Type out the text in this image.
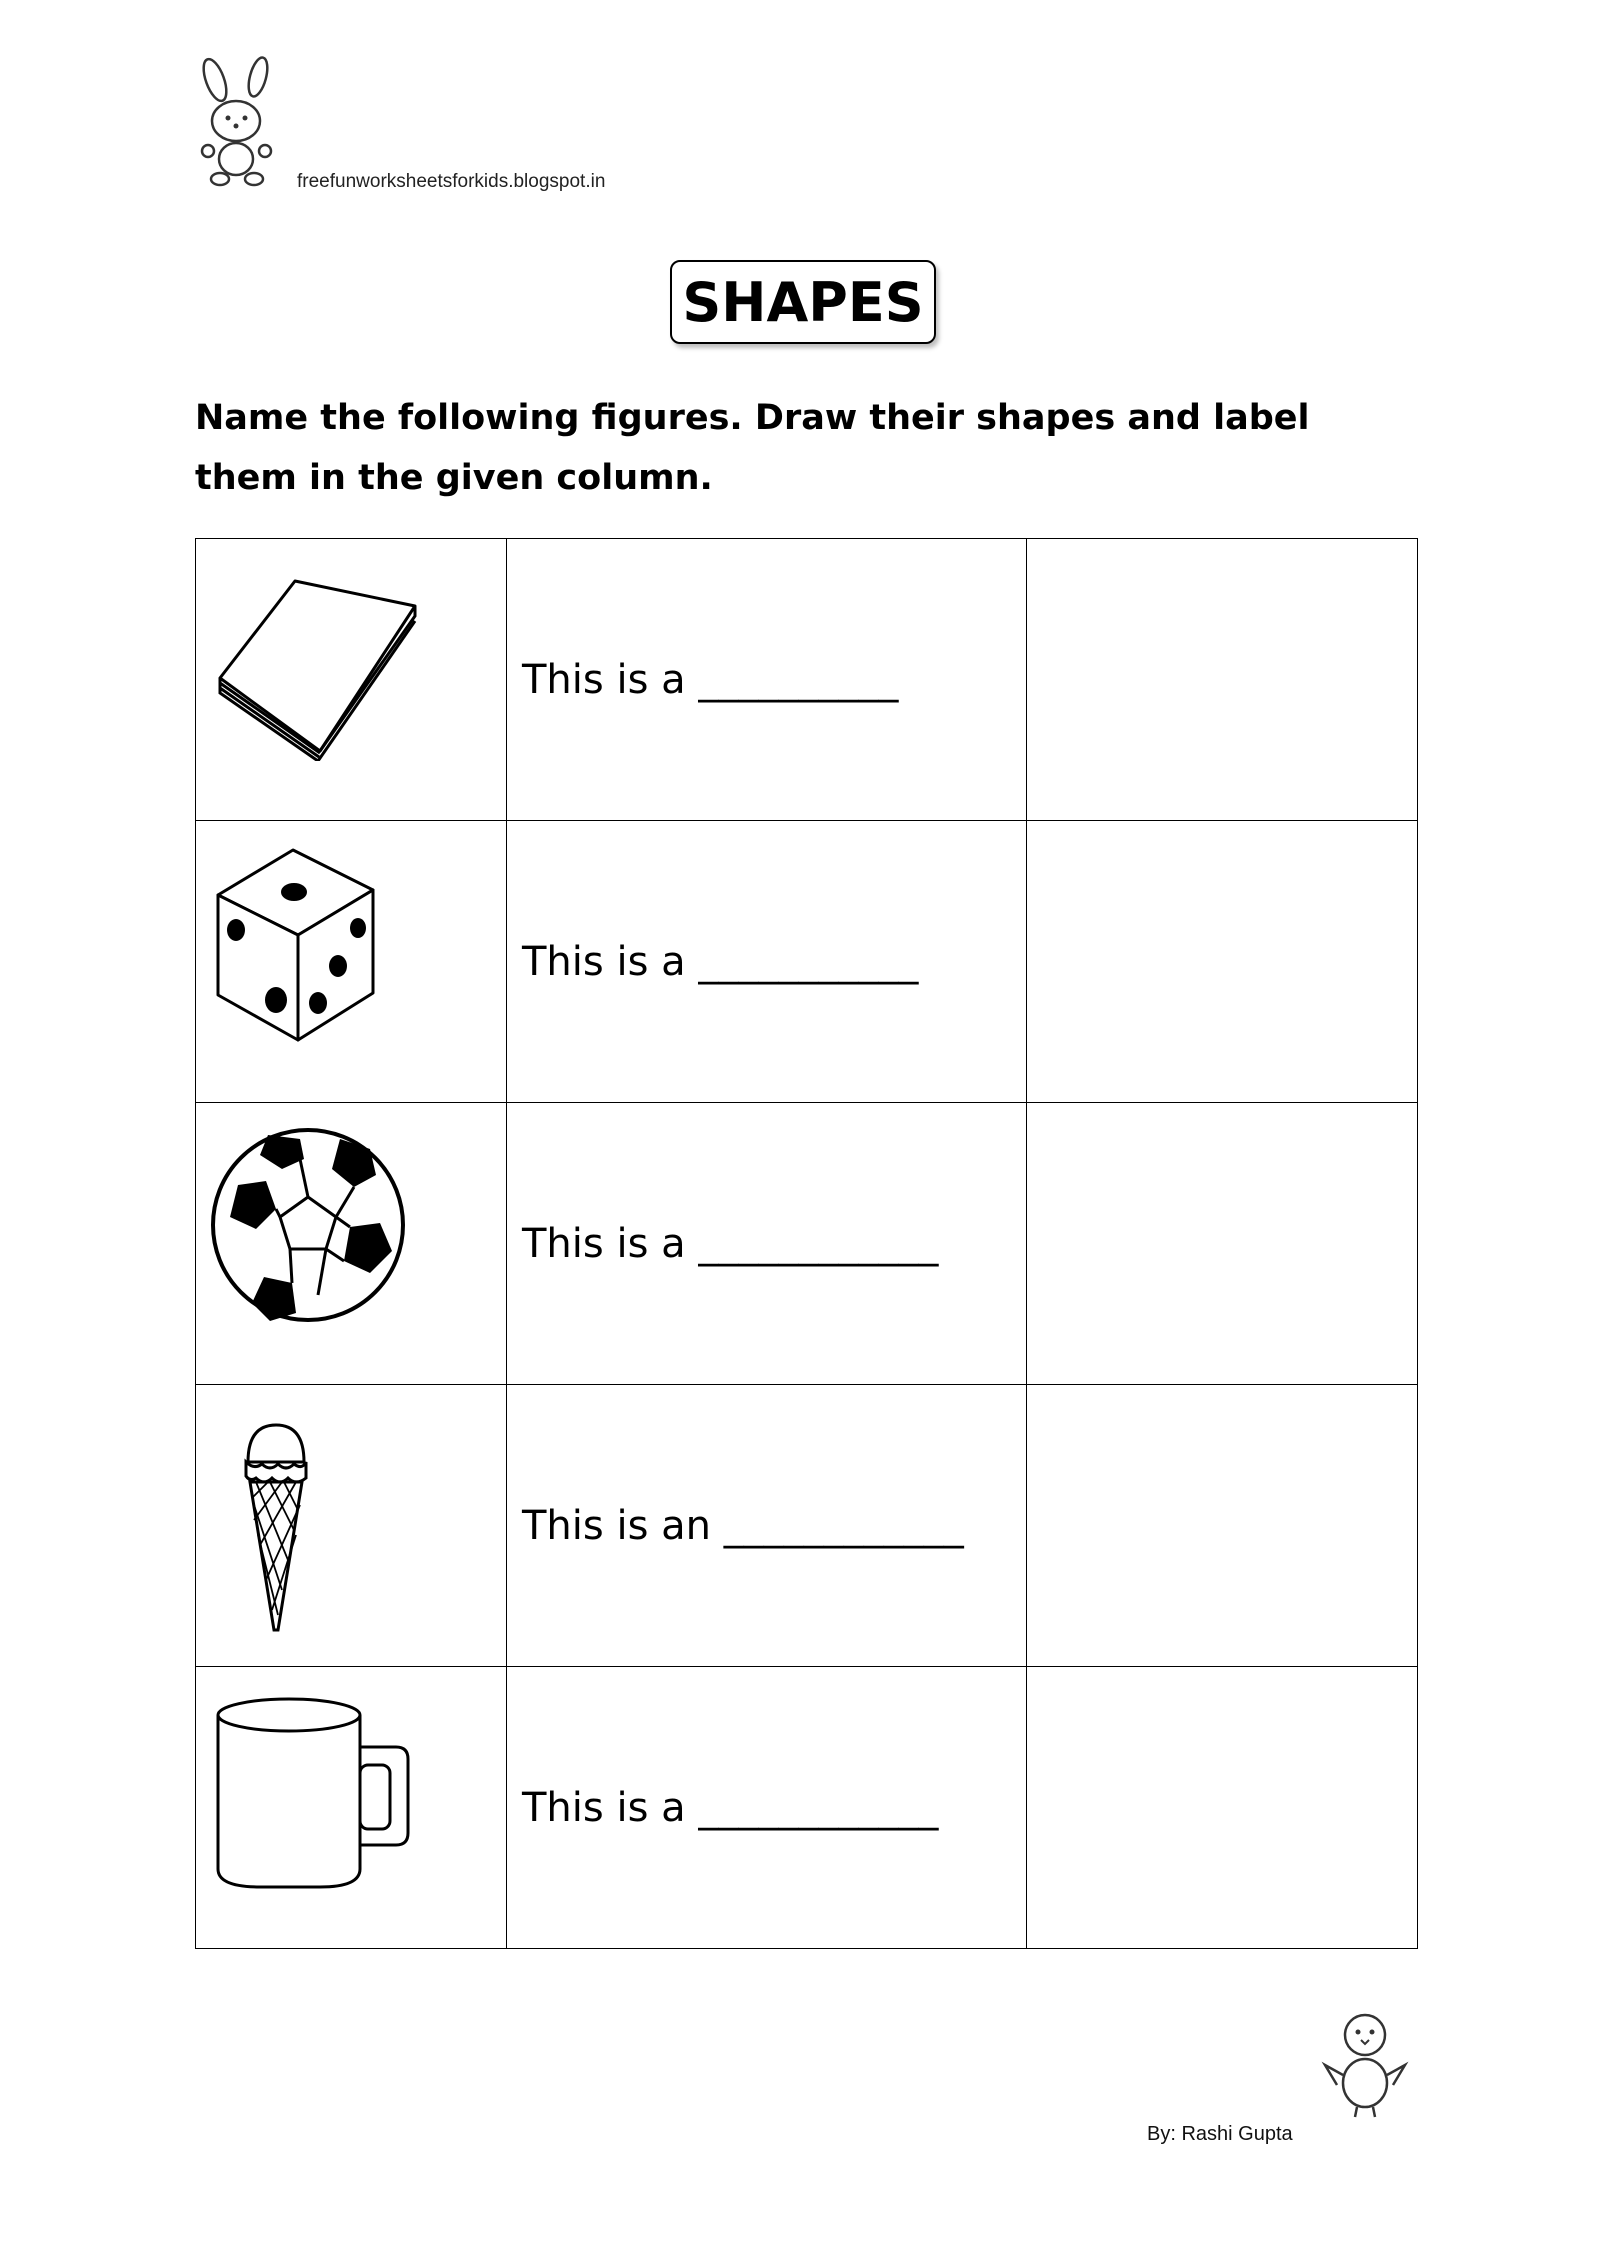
freefunworksheetsforkids.blogspot.in
SHAPES
Name the following figures. Draw their shapes and label them in the given column.
	This is a __________	

	This is a ___________	

	This is a ____________	

	This is an ____________	

	This is a ____________	
By: Rashi Gupta
